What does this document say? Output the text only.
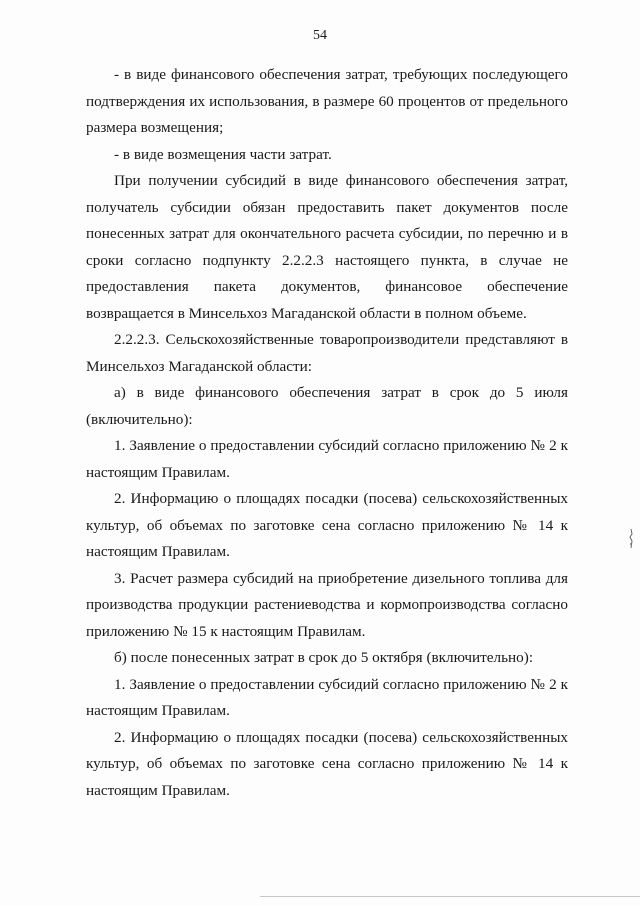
54

- в виде финансового обеспечения затрат, требующих последующего подтверждения их использования, в размере 60 процентов от предельного размера возмещения;

- в виде возмещения части затрат.

При получении субсидий в виде финансового обеспечения затрат, получатель субсидии обязан предоставить пакет документов после понесенных затрат для окончательного расчета субсидии, по перечню и в сроки согласно подпункту 2.2.2.3 настоящего пункта, в случае не предоставления пакета документов, финансовое обеспечение возвращается в Минсельхоз Магаданской области в полном объеме.

2.2.2.3. Сельскохозяйственные товаропроизводители представляют в Минсельхоз Магаданской области:

а) в виде финансового обеспечения затрат в срок до 5 июля (включительно):

1. Заявление о предоставлении субсидий согласно приложению № 2 к настоящим Правилам.

2. Информацию о площадях посадки (посева) сельскохозяйственных культур, об объемах по заготовке сена согласно приложению № 14 к настоящим Правилам.

3. Расчет размера субсидий на приобретение дизельного топлива для производства продукции растениеводства и кормопроизводства согласно приложению № 15 к настоящим Правилам.

б) после понесенных затрат в срок до 5 октября (включительно):

1. Заявление о предоставлении субсидий согласно приложению № 2 к настоящим Правилам.

2. Информацию о площадях посадки (посева) сельскохозяйственных культур, об объемах по заготовке сена согласно приложению № 14 к настоящим Правилам.
